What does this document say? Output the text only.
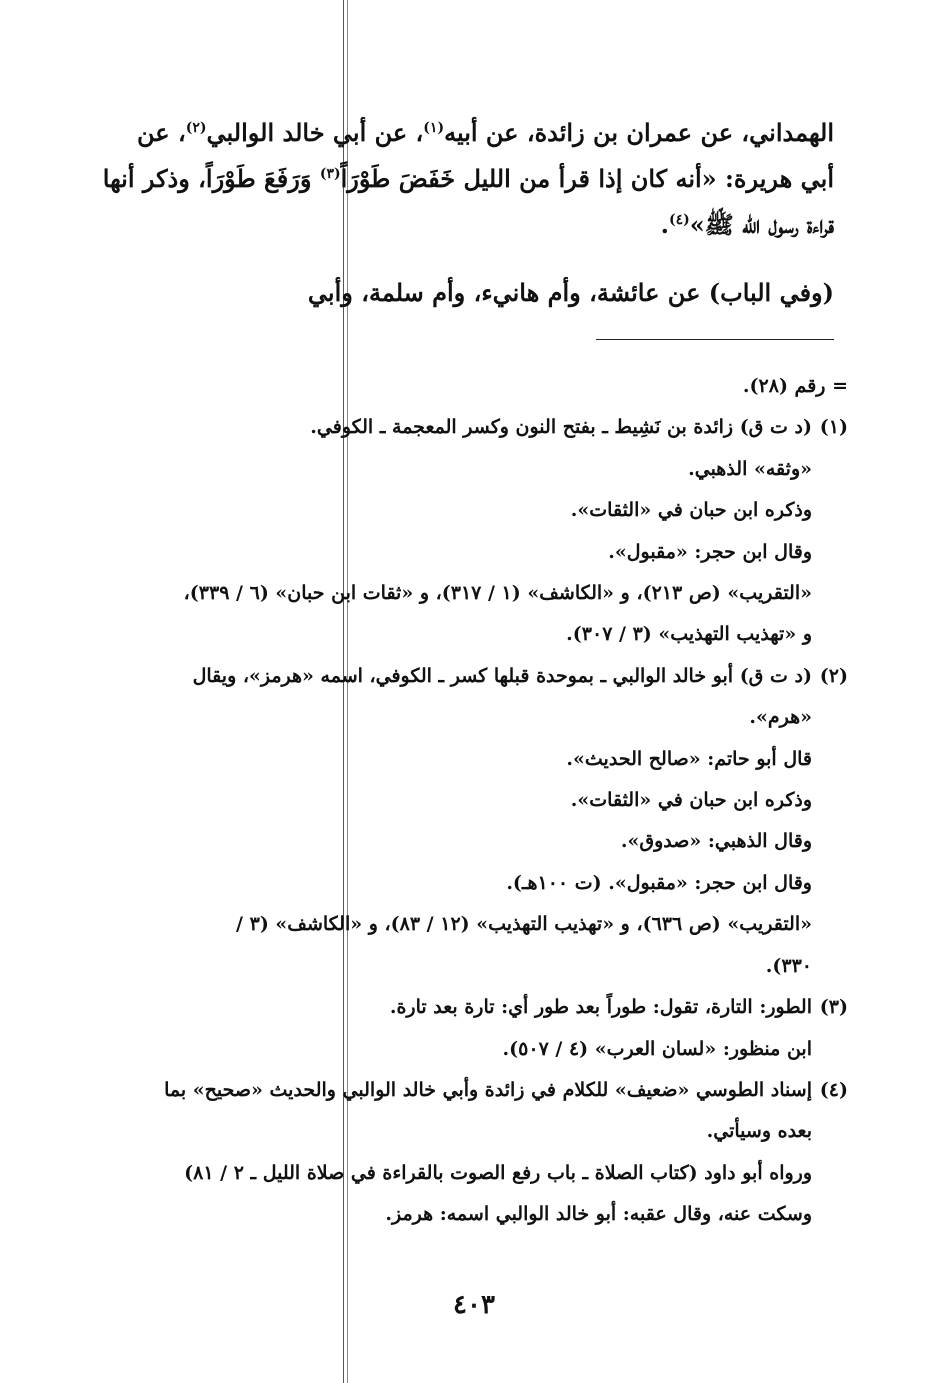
الهمداني، عن عمران بن زائدة، عن أبيه$^{(١)}$، عن أبي خالد الوالبي$^{(٢)}$، عن
أبي هريرة: «أنه كان إذا قرأ من الليل خَفَضَ طَوْرَاً$^{(٣)}$ وَرَفَعَ طَوْرَاً، وذكر أنها
قراءة رسول الله ﷺ»$^{(٤)}$.
(وفي الباب) عن عائشة، وأم هانيء، وأم سلمة، وأبي
= رقم (٢٨).
(١)(د ت ق) زائدة بن نَشِيط ـ بفتح النون وكسر المعجمة ـ الكوفي.
«وثقه» الذهبي.
وذكره ابن حبان في «الثقات».
وقال ابن حجر: «مقبول».
«التقريب» (ص ٢١٣)، و «الكاشف» (١ / ٣١٧)، و «ثقات ابن حبان» (٦ / ٣٣٩)،
و «تهذيب التهذيب» (٣ / ٣٠٧).
(٢)(د ت ق) أبو خالد الوالبي ـ بموحدة قبلها كسر ـ الكوفي، اسمه «هرمز»، ويقال
«هرم».
قال أبو حاتم: «صالح الحديث».
وذكره ابن حبان في «الثقات».
وقال الذهبي: «صدوق».
وقال ابن حجر: «مقبول». (ت ١٠٠هـ).
«التقريب» (ص ٦٣٦)، و «تهذيب التهذيب» (١٢ / ٨٣)، و «الكاشف» (٣ /
٣٣٠).
(٣)الطور: التارة، تقول: طوراً بعد طور أي: تارة بعد تارة.
ابن منظور: «لسان العرب» (٤ / ٥٠٧).
(٤)إسناد الطوسي «ضعيف» للكلام في زائدة وأبي خالد الوالبي والحديث «صحيح» بما
بعده وسيأتي.
ورواه أبو داود (كتاب الصلاة ـ باب رفع الصوت بالقراءة في صلاة الليل ـ ٢ / ٨١)
وسكت عنه، وقال عقبه: أبو خالد الوالبي اسمه: هرمز.
٤٠٣
